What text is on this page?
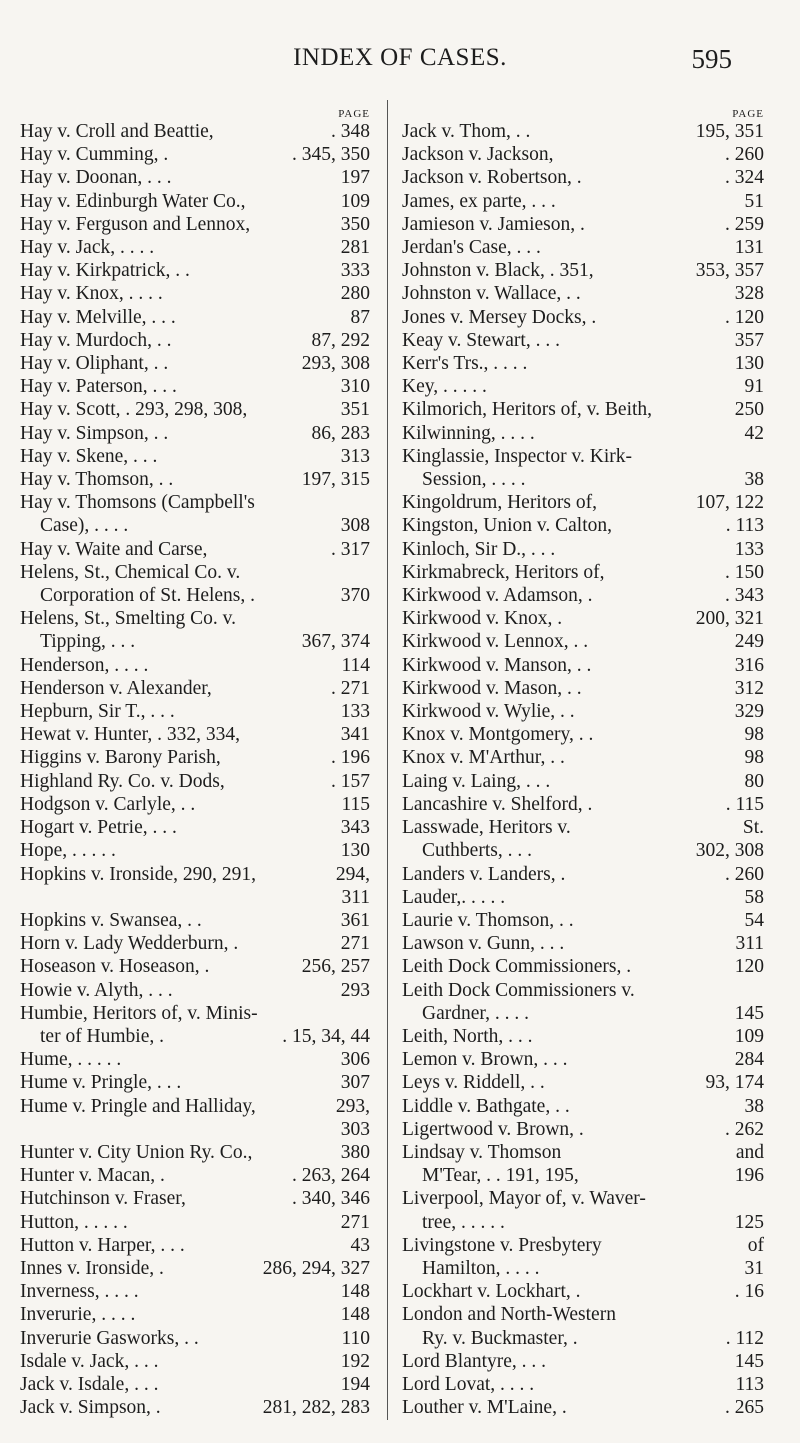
INDEX OF CASES.	595
PAGE
Hay v. Croll and Beattie,	. 348
Hay v. Cumming, .	. 345, 350
Hay v. Doonan, . . .	197
Hay v. Edinburgh Water Co.,	109
Hay v. Ferguson and Lennox,	350
Hay v. Jack, . . . .	281
Hay v. Kirkpatrick, . .	333
Hay v. Knox, . . . .	280
Hay v. Melville, . . .	87
Hay v. Murdoch, . .	87, 292
Hay v. Oliphant, . .	293, 308
Hay v. Paterson, . . .	310
Hay v. Scott, . 293, 298, 308,	351
Hay v. Simpson, . .	86, 283
Hay v. Skene, . . .	313
Hay v. Thomson, . .	197, 315
Hay v. Thomsons (Campbell's
Case), . . . .	308
Hay v. Waite and Carse,	. 317
Helens, St., Chemical Co. v.
Corporation of St. Helens, .	370
Helens, St., Smelting Co. v.
Tipping, . . .	367, 374
Henderson, . . . .	114
Henderson v. Alexander,	. 271
Hepburn, Sir T., . . .	133
Hewat v. Hunter, . 332, 334,	341
Higgins v. Barony Parish,	. 196
Highland Ry. Co. v. Dods,	. 157
Hodgson v. Carlyle, . .	115
Hogart v. Petrie, . . .	343
Hope, . . . . .	130
Hopkins v. Ironside, 290, 291,	294,
311
Hopkins v. Swansea, . .	361
Horn v. Lady Wedderburn, .	271
Hoseason v. Hoseason, .	256, 257
Howie v. Alyth, . . .	293
Humbie, Heritors of, v. Minis-
ter of Humbie, .	. 15, 34, 44
Hume, . . . . .	306
Hume v. Pringle, . . .	307
Hume v. Pringle and Halliday,	293,
303
Hunter v. City Union Ry. Co.,	380
Hunter v. Macan, .	. 263, 264
Hutchinson v. Fraser,	. 340, 346
Hutton, . . . . .	271
Hutton v. Harper, . . .	43
Innes v. Ironside, .	286, 294, 327
Inverness, . . . .	148
Inverurie, . . . .	148
Inverurie Gasworks, . .	110
Isdale v. Jack, . . .	192
Jack v. Isdale, . . .	194
Jack v. Simpson, .	281, 282, 283
PAGE
Jack v. Thom, . .	195, 351
Jackson v. Jackson,	. 260
Jackson v. Robertson, .	. 324
James, ex parte, . . .	51
Jamieson v. Jamieson, .	. 259
Jerdan's Case, . . .	131
Johnston v. Black, . 351,	353, 357
Johnston v. Wallace, . .	328
Jones v. Mersey Docks, .	. 120
Keay v. Stewart, . . .	357
Kerr's Trs., . . . .	130
Key, . . . . .	91
Kilmorich, Heritors of, v. Beith,	250
Kilwinning, . . . .	42
Kinglassie, Inspector v. Kirk-
Session, . . . .	38
Kingoldrum, Heritors of,	107, 122
Kingston, Union v. Calton,	. 113
Kinloch, Sir D., . . .	133
Kirkmabreck, Heritors of,	. 150
Kirkwood v. Adamson, .	. 343
Kirkwood v. Knox, .	200, 321
Kirkwood v. Lennox, . .	249
Kirkwood v. Manson, . .	316
Kirkwood v. Mason, . .	312
Kirkwood v. Wylie, . .	329
Knox v. Montgomery, . .	98
Knox v. M'Arthur, . .	98
Laing v. Laing, . . .	80
Lancashire v. Shelford, .	. 115
Lasswade, Heritors v.	St.
Cuthberts, . . .	302, 308
Landers v. Landers, .	. 260
Lauder,. . . . .	58
Laurie v. Thomson, . .	54
Lawson v. Gunn, . . .	311
Leith Dock Commissioners, .	120
Leith Dock Commissioners v.
Gardner, . . . .	145
Leith, North, . . .	109
Lemon v. Brown, . . .	284
Leys v. Riddell, . .	93, 174
Liddle v. Bathgate, . .	38
Ligertwood v. Brown, .	. 262
Lindsay v. Thomson	and
M'Tear, . . 191, 195,	196
Liverpool, Mayor of, v. Waver-
tree, . . . . .	125
Livingstone v. Presbytery	of
Hamilton, . . . .	31
Lockhart v. Lockhart, .	. 16
London and North-Western
Ry. v. Buckmaster, .	. 112
Lord Blantyre, . . .	145
Lord Lovat, . . . .	113
Louther v. M'Laine, .	. 265
